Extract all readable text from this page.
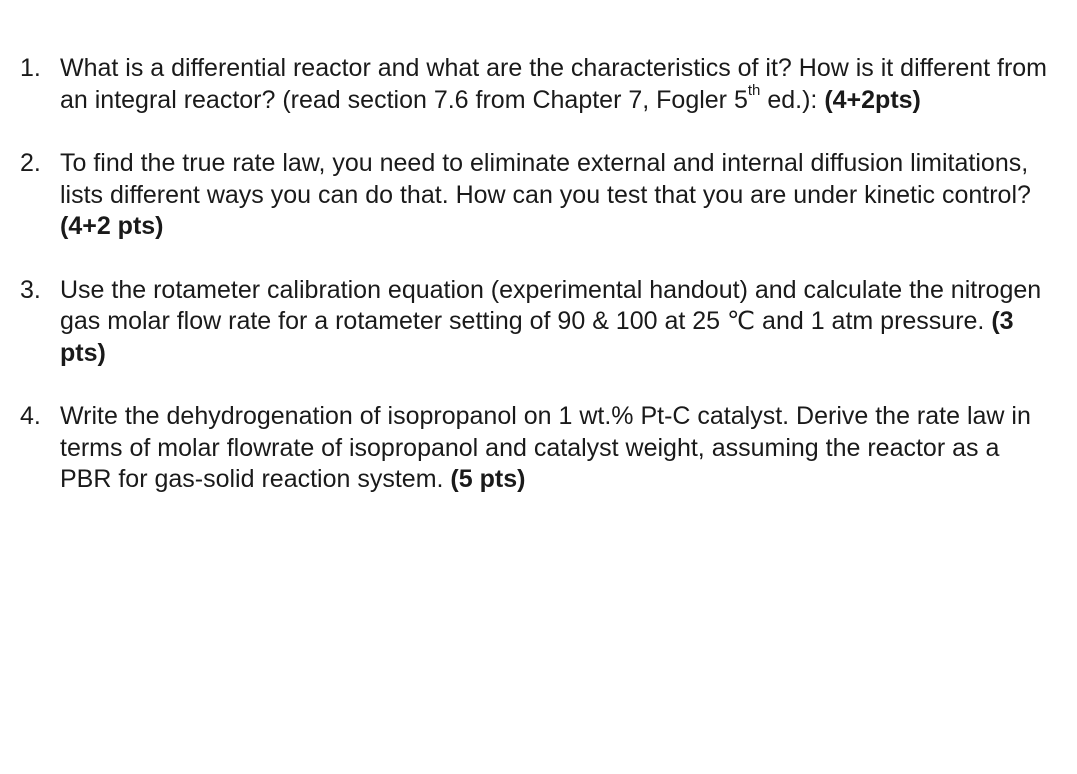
1. What is a differential reactor and what are the characteristics of it? How is it different from an integral reactor? (read section 7.6 from Chapter 7, Fogler 5th ed.): (4+2pts)
2. To find the true rate law, you need to eliminate external and internal diffusion limitations, lists different ways you can do that. How can you test that you are under kinetic control? (4+2 pts)
3. Use the rotameter calibration equation (experimental handout) and calculate the nitrogen gas molar flow rate for a rotameter setting of 90 & 100 at 25 ℃ and 1 atm pressure. (3 pts)
4. Write the dehydrogenation of isopropanol on 1 wt.% Pt-C catalyst. Derive the rate law in terms of molar flowrate of isopropanol and catalyst weight, assuming the reactor as a PBR for gas-solid reaction system. (5 pts)
